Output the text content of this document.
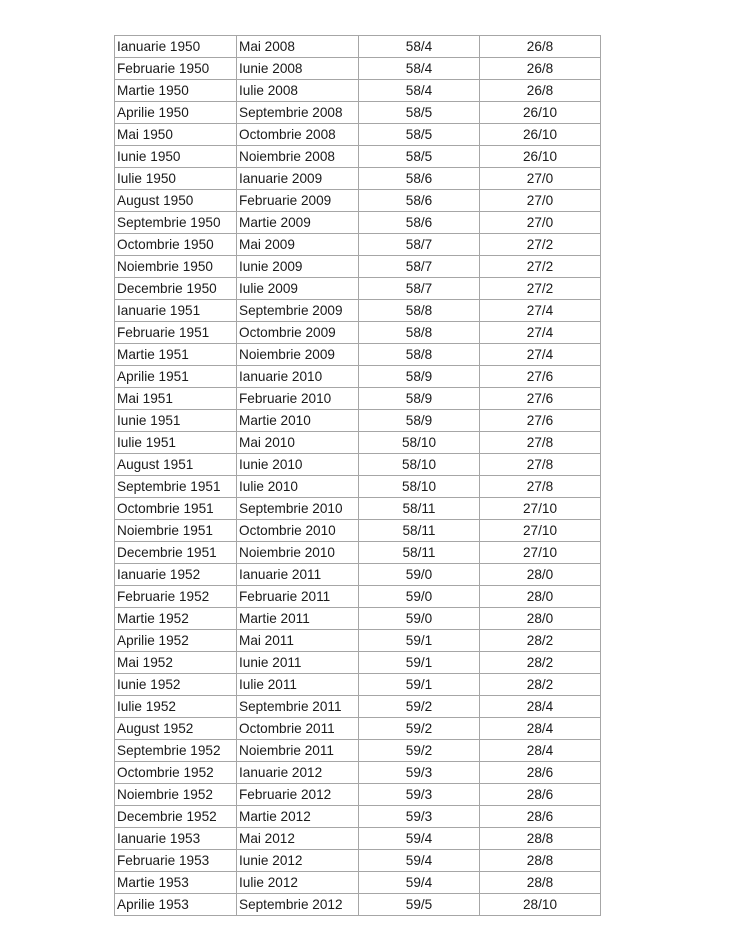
Ianuarie 1950	Mai 2008	58/4	26/8
Februarie 1950	Iunie 2008	58/4	26/8
Martie 1950	Iulie 2008	58/4	26/8
Aprilie 1950	Septembrie 2008	58/5	26/10
Mai 1950	Octombrie 2008	58/5	26/10
Iunie 1950	Noiembrie 2008	58/5	26/10
Iulie 1950	Ianuarie 2009	58/6	27/0
August 1950	Februarie 2009	58/6	27/0
Septembrie 1950	Martie 2009	58/6	27/0
Octombrie 1950	Mai 2009	58/7	27/2
Noiembrie 1950	Iunie 2009	58/7	27/2
Decembrie 1950	Iulie 2009	58/7	27/2
Ianuarie 1951	Septembrie 2009	58/8	27/4
Februarie 1951	Octombrie 2009	58/8	27/4
Martie 1951	Noiembrie 2009	58/8	27/4
Aprilie 1951	Ianuarie 2010	58/9	27/6
Mai 1951	Februarie 2010	58/9	27/6
Iunie 1951	Martie 2010	58/9	27/6
Iulie 1951	Mai 2010	58/10	27/8
August 1951	Iunie 2010	58/10	27/8
Septembrie 1951	Iulie 2010	58/10	27/8
Octombrie 1951	Septembrie 2010	58/11	27/10
Noiembrie 1951	Octombrie 2010	58/11	27/10
Decembrie 1951	Noiembrie 2010	58/11	27/10
Ianuarie 1952	Ianuarie 2011	59/0	28/0
Februarie 1952	Februarie 2011	59/0	28/0
Martie 1952	Martie 2011	59/0	28/0
Aprilie 1952	Mai 2011	59/1	28/2
Mai 1952	Iunie 2011	59/1	28/2
Iunie 1952	Iulie 2011	59/1	28/2
Iulie 1952	Septembrie 2011	59/2	28/4
August 1952	Octombrie 2011	59/2	28/4
Septembrie 1952	Noiembrie 2011	59/2	28/4
Octombrie 1952	Ianuarie 2012	59/3	28/6
Noiembrie 1952	Februarie 2012	59/3	28/6
Decembrie 1952	Martie 2012	59/3	28/6
Ianuarie 1953	Mai 2012	59/4	28/8
Februarie 1953	Iunie 2012	59/4	28/8
Martie 1953	Iulie 2012	59/4	28/8
Aprilie 1953	Septembrie 2012	59/5	28/10
